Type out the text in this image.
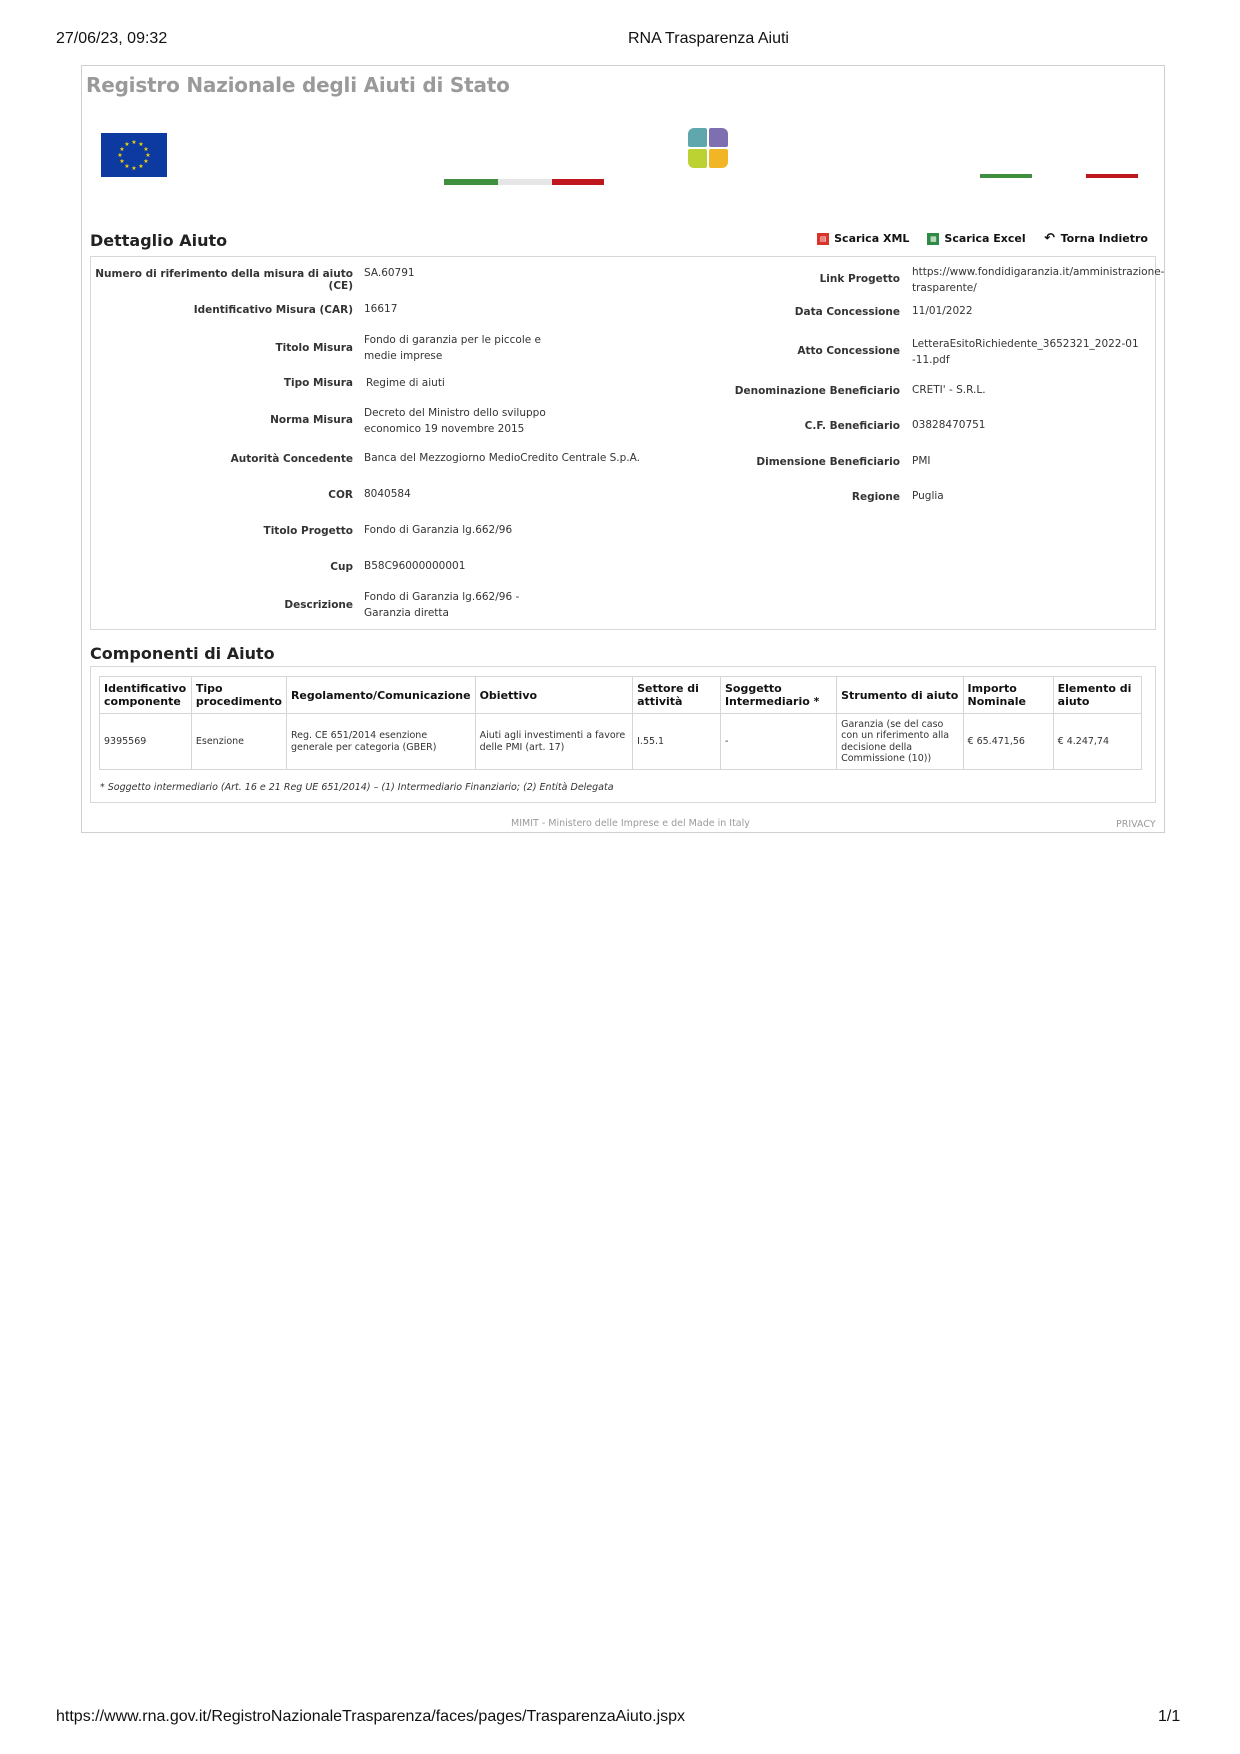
27/06/23, 09:32	RNA Trasparenza Aiuti
Registro Nazionale degli Aiuti di Stato
★ ★
★
★
★
★
★
★
★
★
★
★
Dettaglio Aiuto	▤ Scarica XML	▦ Scarica Excel ↶ Torna Indietro
Numero di riferimento della misura di aiuto (CE)
SA.60791
Identificativo Misura (CAR) 16617
Titolo Misura
Fondo di garanzia per le piccole e medie imprese
Tipo Misura Regime di aiuti
Norma Misura
Decreto del Ministro dello sviluppo economico 19 novembre 2015
Autorità Concedente Banca del Mezzogiorno MedioCredito Centrale S.p.A.
COR 8040584
Titolo Progetto Fondo di Garanzia lg.662/96
Cup B58C96000000001
Descrizione
Fondo di Garanzia lg.662/96 - Garanzia diretta
Link Progetto
https://www.fondidigaranzia.it/amministrazione-trasparente/
Data Concessione 11/01/2022
Atto Concessione
LetteraEsitoRichiedente_3652321_2022-01-11.pdf
Denominazione Beneficiario CRETI' - S.R.L.
C.F. Beneficiario 03828470751
Dimensione Beneficiario PMI
Regione Puglia
Componenti di Aiuto
Identificativo componente	Tipo procedimento	Regolamento/Comunicazione	Obiettivo	Settore di attività	Soggetto Intermediario *	Strumento di aiuto	Importo Nominale	Elemento di aiuto
9395569	Esenzione	Reg. CE 651/2014 esenzione generale per categoria (GBER)	Aiuti agli investimenti a favore delle PMI (art. 17)	I.55.1	-	Garanzia (se del caso con un riferimento alla decisione della Commissione (10))	€ 65.471,56	€ 4.247,74
* Soggetto intermediario (Art. 16 e 21 Reg UE 651/2014) – (1) Intermediario Finanziario; (2) Entità Delegata
MIMIT - Ministero delle Imprese e del Made in Italy	PRIVACY
https://www.rna.gov.it/RegistroNazionaleTrasparenza/faces/pages/TrasparenzaAiuto.jspx	1/1
